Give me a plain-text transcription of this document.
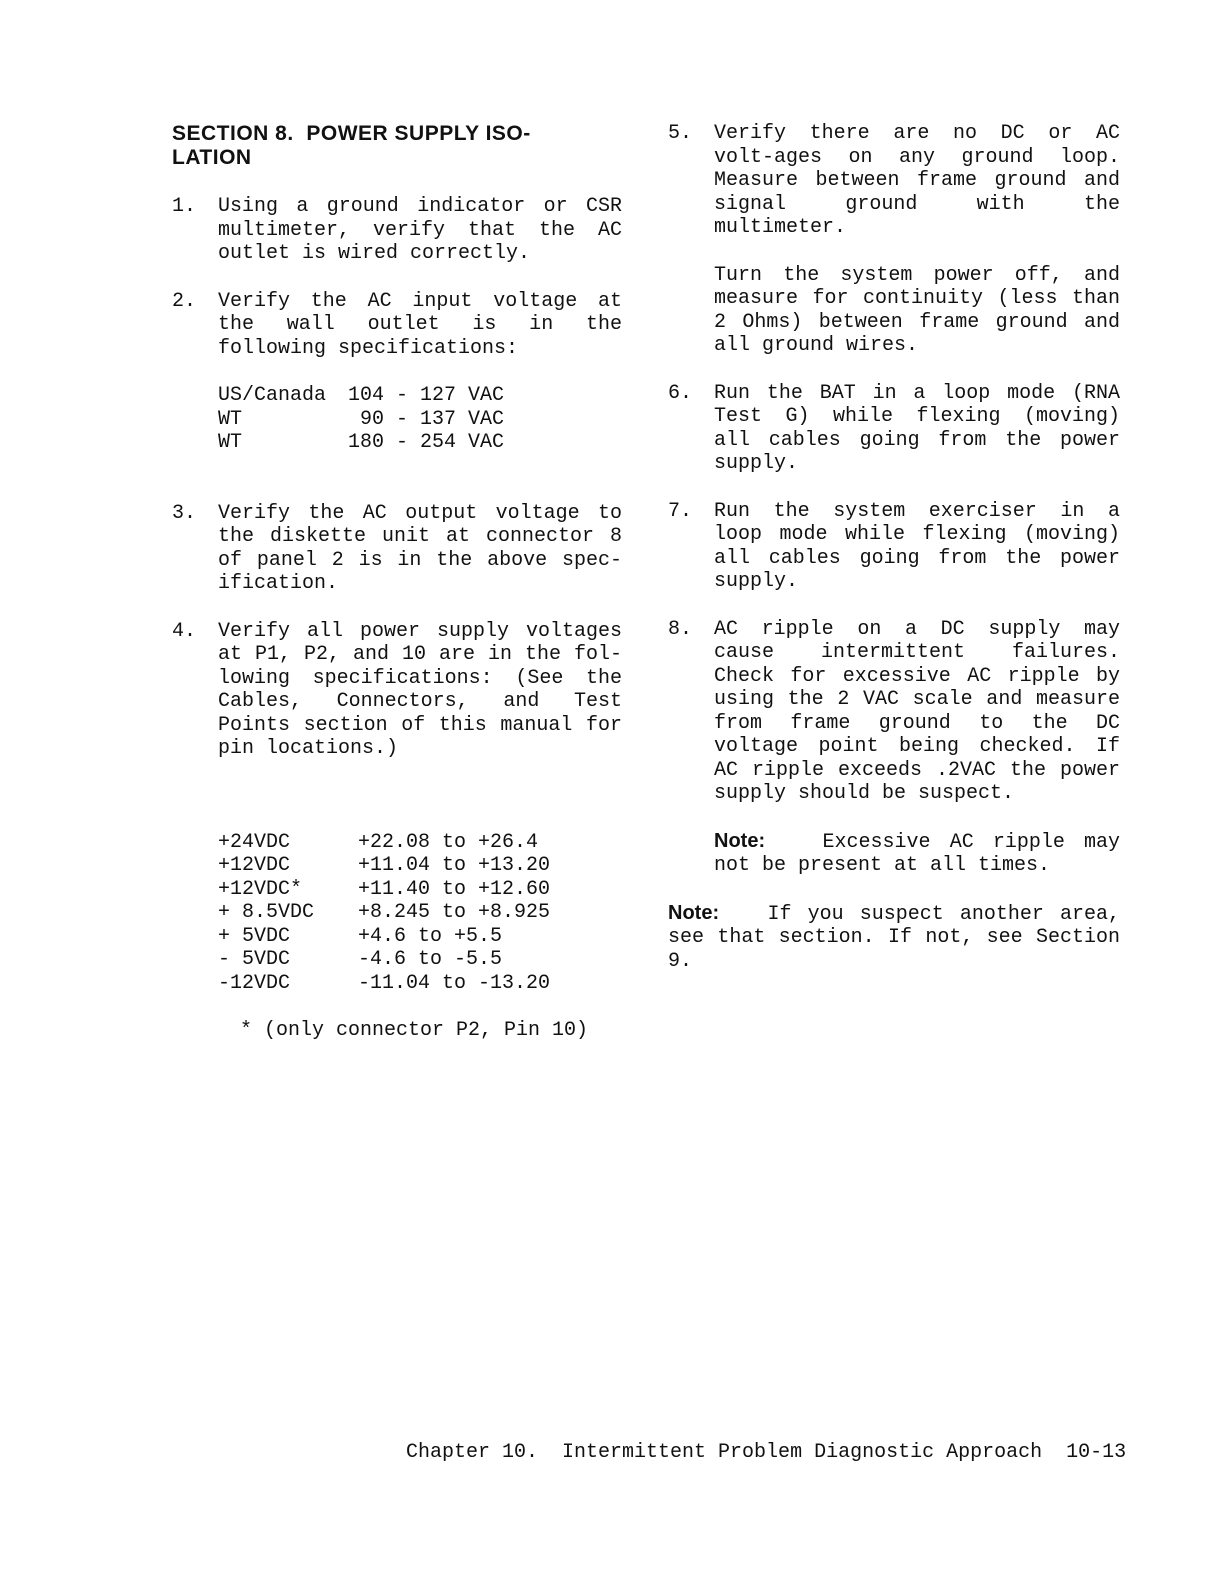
SECTION 8.  POWER SUPPLY ISO-
LATION
1. Using a ground indicator or CSR multimeter, verify that the AC outlet is wired correctly.

2. Verify the AC input voltage at the wall outlet is in the following specifications:

US/Canada	104 - 127 VAC
WT	90 - 137 VAC
WT	180 - 254 VAC
3. Verify the AC output voltage to the diskette unit at connector 8 of panel 2 is in the above spec-ification.

4. Verify all power supply voltages at P1, P2, and 10 are in the fol-lowing specifications: (See the Cables, Connectors, and Test Points section of this manual for pin locations.)

+24VDC	+22.08 to +26.4
+12VDC	+11.04 to +13.20
+12VDC*	+11.40 to +12.60
+ 8.5VDC	+8.245 to +8.925
+ 5VDC	+4.6 to +5.5
- 5VDC	-4.6 to -5.5
-12VDC	-11.04 to -13.20
* (only connector P2, Pin 10)
5. Verify there are no DC or AC volt-ages on any ground loop. Measure between frame ground and signal ground with the multimeter.

Turn the system power off, and measure for continuity (less than 2 Ohms) between frame ground and all ground wires.

6. Run the BAT in a loop mode (RNA Test G) while flexing (moving) all cables going from the power supply.

7. Run the system exerciser in a loop mode while flexing (moving) all cables going from the power supply.

8. AC ripple on a DC supply may cause intermittent failures. Check for excessive AC ripple by using the 2 VAC scale and measure from frame ground to the DC voltage point being checked. If AC ripple exceeds .2VAC the power supply should be suspect.

Note:	Excessive AC ripple may not be present at all times.

Note: If you suspect another area, see that section. If not, see Section 9.

Chapter 10.  Intermittent Problem Diagnostic Approach 10-13
